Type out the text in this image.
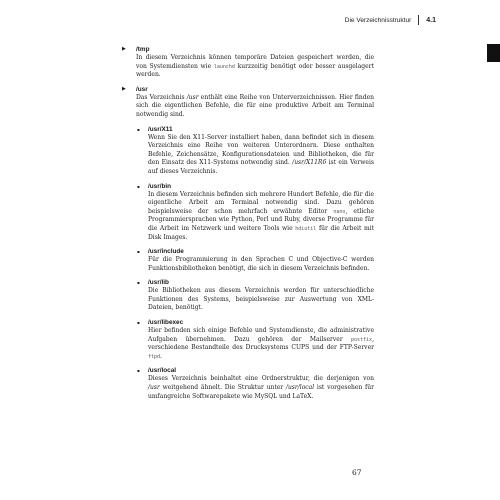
Die Verzeichnisstruktur 4.1
▶ /tmp
In diesem Verzeichnis können temporäre Dateien gespeichert werden, die von Systemdiensten wie launchd kurzzeitig benötigt oder besser ausgelagert werden.
▶ /usr
Das Verzeichnis /usr enthält eine Reihe von Unterverzeichnissen. Hier finden sich die eigentlichen Befehle, die für eine produktive Arbeit am Terminal notwendig sind.
▪ /usr/X11
Wenn Sie den X11-Server installiert haben, dann befindet sich in diesem Verzeichnis eine Reihe von weiteren Unterordnern. Diese enthalten Befehle, Zeichensätze, Konfigurationsdateien und Bibliotheken, die für den Einsatz des X11-Systems notwendig sind. /usr/X11R6 ist ein Verweis auf dieses Verzeichnis.
▪ /usr/bin
In diesem Verzeichnis befinden sich mehrere Hundert Befehle, die für die eigentliche Arbeit am Terminal notwendig sind. Dazu gehören beispielsweise der schon mehrfach erwähnte Editor nano, etliche Programmiersprachen wie Python, Perl und Ruby, diverse Programme für die Arbeit im Netzwerk und weitere Tools wie hdiutil für die Arbeit mit Disk Images.
▪ /usr/include
Für die Programmierung in den Sprachen C und Objective-C werden Funktionsbibliotheken benötigt, die sich in diesem Verzeichnis befinden.
▪ /usr/lib
Die Bibliotheken aus diesem Verzeichnis werden für unterschiedliche Funktionen des Systems, beispielsweise zur Auswertung von XML-Dateien, benötigt.
▪ /usr/libexec
Hier befinden sich einige Befehle und Systemdienste, die administrative Aufgaben übernehmen. Dazu gehören der Mailserver postfix, verschiedene Bestandteile des Drucksystems CUPS und der FTP-Server ftpd.
▪ /usr/local
Dieses Verzeichnis beinhaltet eine Ordnerstruktur, die derjenigen von /usr weitgehend ähnelt. Die Struktur unter /usr/local ist vorgesehen für umfangreiche Softwarepakete wie MySQL und LaTeX.
67
